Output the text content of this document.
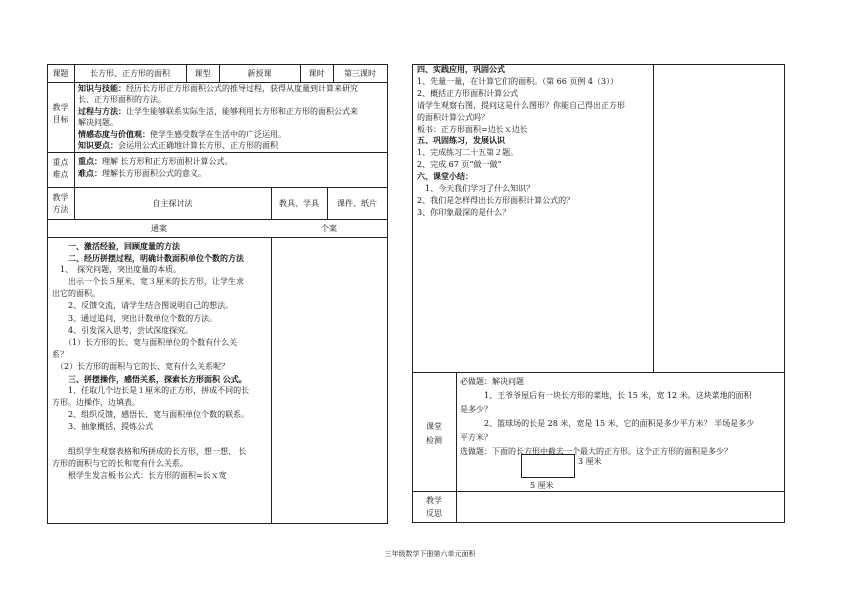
课题	长方形、正方形的面积	课型	新授课	课时	第三课时
教学
目标
知识与技能：经历长方形正方形面积公式的推导过程，获得从度量到计算来研究
长、正方形面积的方法。
过程与方法：让学生能够联系实际生活，能够利用长方形和正方形的面积公式来
解决问题。
情感态度与价值观：使学生感受数学在生活中的广泛运用。
知识要点：会运用公式正确地计算长方形、正方形的面积
重点
难点
重点：理解 长方形和正方形面积计算公式。
难点：理解长方形面积公式的意义。
教学
方法
自主探讨法	教具、学具	课件、纸片
通案	个案
　　一、激活经验，回顾度量的方法
　　二、经历拼摆过程，明确计数面积单位个数的方法
　1、　探究问题，突出度量的本质。
　　出示一个长５厘米、宽３厘米的长方形，让学生求
出它的面积。
　　2、反馈交流，请学生结合图说明自己的想法。
　　3、通过追问，突出计数单位个数的方法。
　　4、引发深入思考，尝试深度探究。
　　（1）长方形的长、宽与面积单位的个数有什么关
系？
　（2）长方形的面积与它的长、宽有什么关系呢？
　　三、拼摆操作，感悟关系，探索长方形面积 公式。
　　1、任取几个边长是１厘米的正方形，拼成不同的长
方形。边操作，边填表。
　　2、组织反馈，感悟长、宽与面积单位个数的联系。
　　3、抽象概括，提炼公式

　　组织学生观察表格和所拼成的长方形，想一想、 长
方形的面积与它的长和宽有什么关系。
　　根学生发言板书公式：长方形的面积=长ｘ宽
四、实践应用，巩固公式
1、先量一量，在计算它们的面积。（第 66 页例 4（3））
2、概括正方形面积计算公式
请学生观察右图，提问这是什么图形？你能自己得出正方形
的面积计算公式吗？
板书：正方形面积=边长ｘ边长
五、巩固练习，发展认识
1、完成练习二十五第２题。
2、完成 67 页“做一做”
六、课堂小结：
　1、今天我们学习了什么知识？
2、我们是怎样得出长方形面积计算公式的？
3、你印象最深的是什么？
课堂
检测
必做题：解决问题
　　　1、王爷爷屋后有一块长方形的菜地，长 15 米，宽 12 米。这块菜地的面积
是多少？
　　　2、篮球场的长是 28 米，宽是 15 米，它的面积是多少平方米？ 半场是多少
平方米？
选做题：下面的长方形中截去一个最大的正方形。这个正方形的面积是多少？
3 厘米
5 厘米
教学
反思
三年级数学下册第六单元面积
